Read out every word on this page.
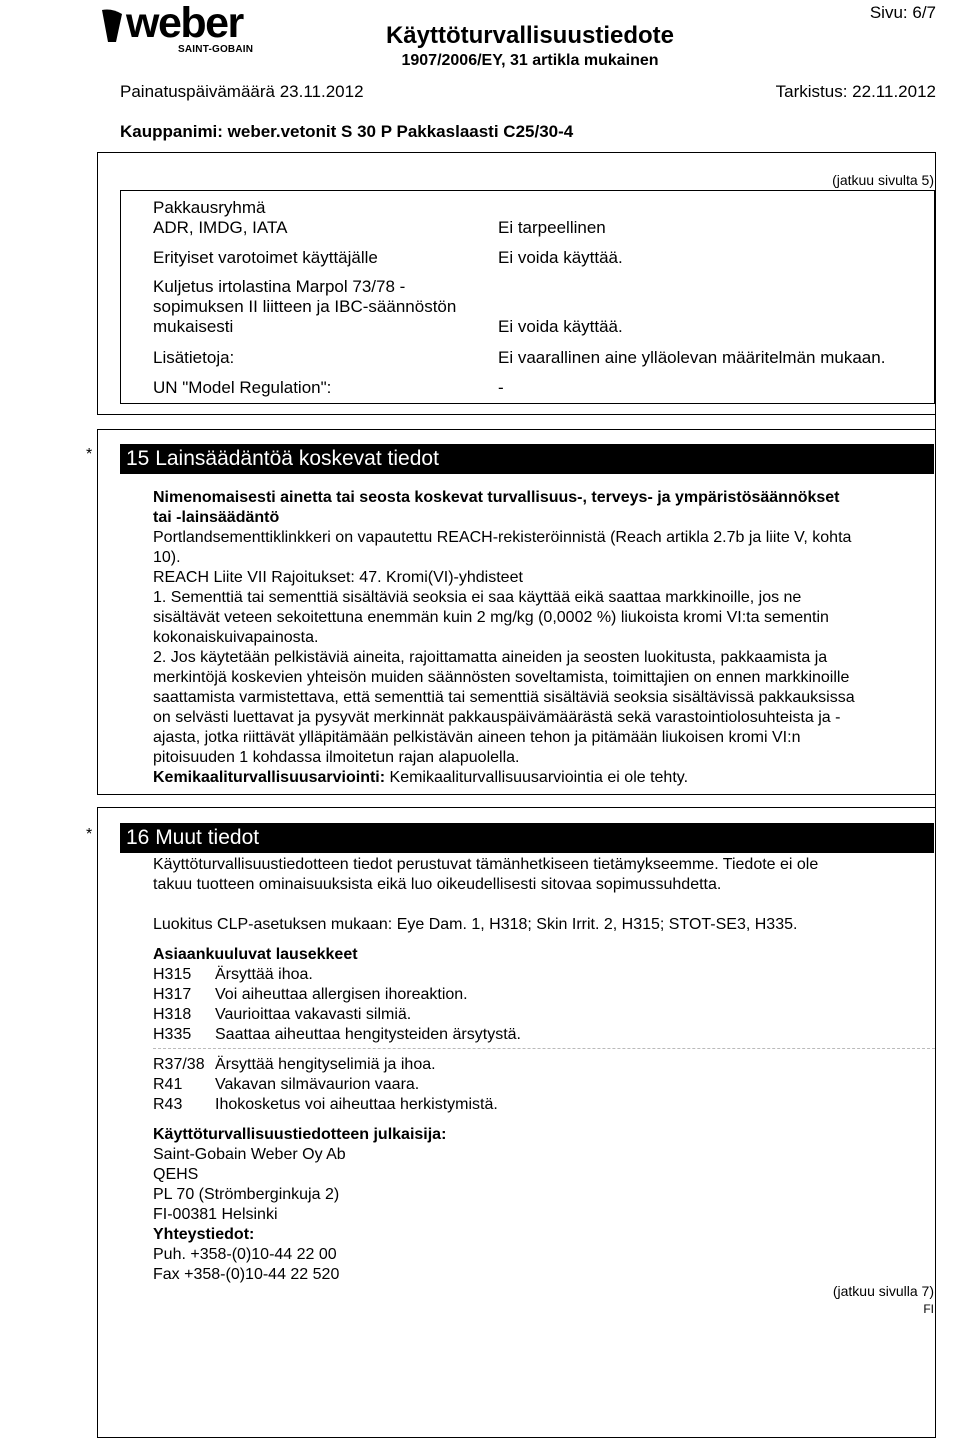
weber
SAINT-GOBAIN
Käyttöturvallisuustiedote
1907/2006/EY, 31 artikla mukainen
Sivu: 6/7
Painatuspäivämäärä 23.11.2012	Tarkistus: 22.11.2012
Kauppanimi: weber.vetonit S 30 P Pakkaslaasti C25/30-4
(jatkuu sivulta 5)
Pakkausryhmä
ADR, IMDG, IATA	Ei tarpeellinen
Erityiset varotoimet käyttäjälle	Ei voida käyttää.
Kuljetus irtolastina Marpol 73/78 -
sopimuksen II liitteen ja IBC-säännöstön
mukaisesti	Ei voida käyttää.
Lisätietoja:	Ei vaarallinen aine ylläolevan määritelmän mukaan.
UN "Model Regulation":	-
* 15 Lainsäädäntöä koskevat tiedot
Nimenomaisesti ainetta tai seosta koskevat turvallisuus-, terveys- ja ympäristösäännökset
tai -lainsäädäntö
Portlandsementtiklinkkeri on vapautettu REACH-rekisteröinnistä (Reach artikla 2.7b ja liite V, kohta
10).
REACH Liite VII Rajoitukset: 47. Kromi(VI)-yhdisteet
1. Sementtiä tai sementtiä sisältäviä seoksia ei saa käyttää eikä saattaa markkinoille, jos ne
sisältävät veteen sekoitettuna enemmän kuin 2 mg/kg (0,0002 %) liukoista kromi VI:ta sementin
kokonaiskuivapainosta.
2. Jos käytetään pelkistäviä aineita, rajoittamatta aineiden ja seosten luokitusta, pakkaamista ja
merkintöjä koskevien yhteisön muiden säännösten soveltamista, toimittajien on ennen markkinoille
saattamista varmistettava, että sementtiä tai sementtiä sisältäviä seoksia sisältävissä pakkauksissa
on selvästi luettavat ja pysyvät merkinnät pakkauspäivämäärästä sekä varastointiolosuhteista ja -
ajasta, jotka riittävät ylläpitämään pelkistävän aineen tehon ja pitämään liukoisen kromi VI:n
pitoisuuden 1 kohdassa ilmoitetun rajan alapuolella.
Kemikaaliturvallisuusarviointi: Kemikaaliturvallisuusarviointia ei ole tehty.
* 16 Muut tiedot
Käyttöturvallisuustiedotteen tiedot perustuvat tämänhetkiseen tietämykseemme. Tiedote ei ole
takuu tuotteen ominaisuuksista eikä luo oikeudellisesti sitovaa sopimussuhdetta.
Luokitus CLP-asetuksen mukaan: Eye Dam. 1, H318; Skin Irrit. 2, H315; STOT-SE3, H335.
Asiaankuuluvat lausekkeet
H315	Ärsyttää ihoa.
H317	Voi aiheuttaa allergisen ihoreaktion.
H318	Vaurioittaa vakavasti silmiä.
H335	Saattaa aiheuttaa hengitysteiden ärsytystä.
R37/38	Ärsyttää hengityselimiä ja ihoa.
R41	Vakavan silmävaurion vaara.
R43	Ihokosketus voi aiheuttaa herkistymistä.
Käyttöturvallisuustiedotteen julkaisija:
Saint-Gobain Weber Oy Ab
QEHS
PL 70 (Strömberginkuja 2)
FI-00381 Helsinki
Yhteystiedot:
Puh. +358-(0)10-44 22 00
Fax +358-(0)10-44 22 520
(jatkuu sivulla 7)
FI
